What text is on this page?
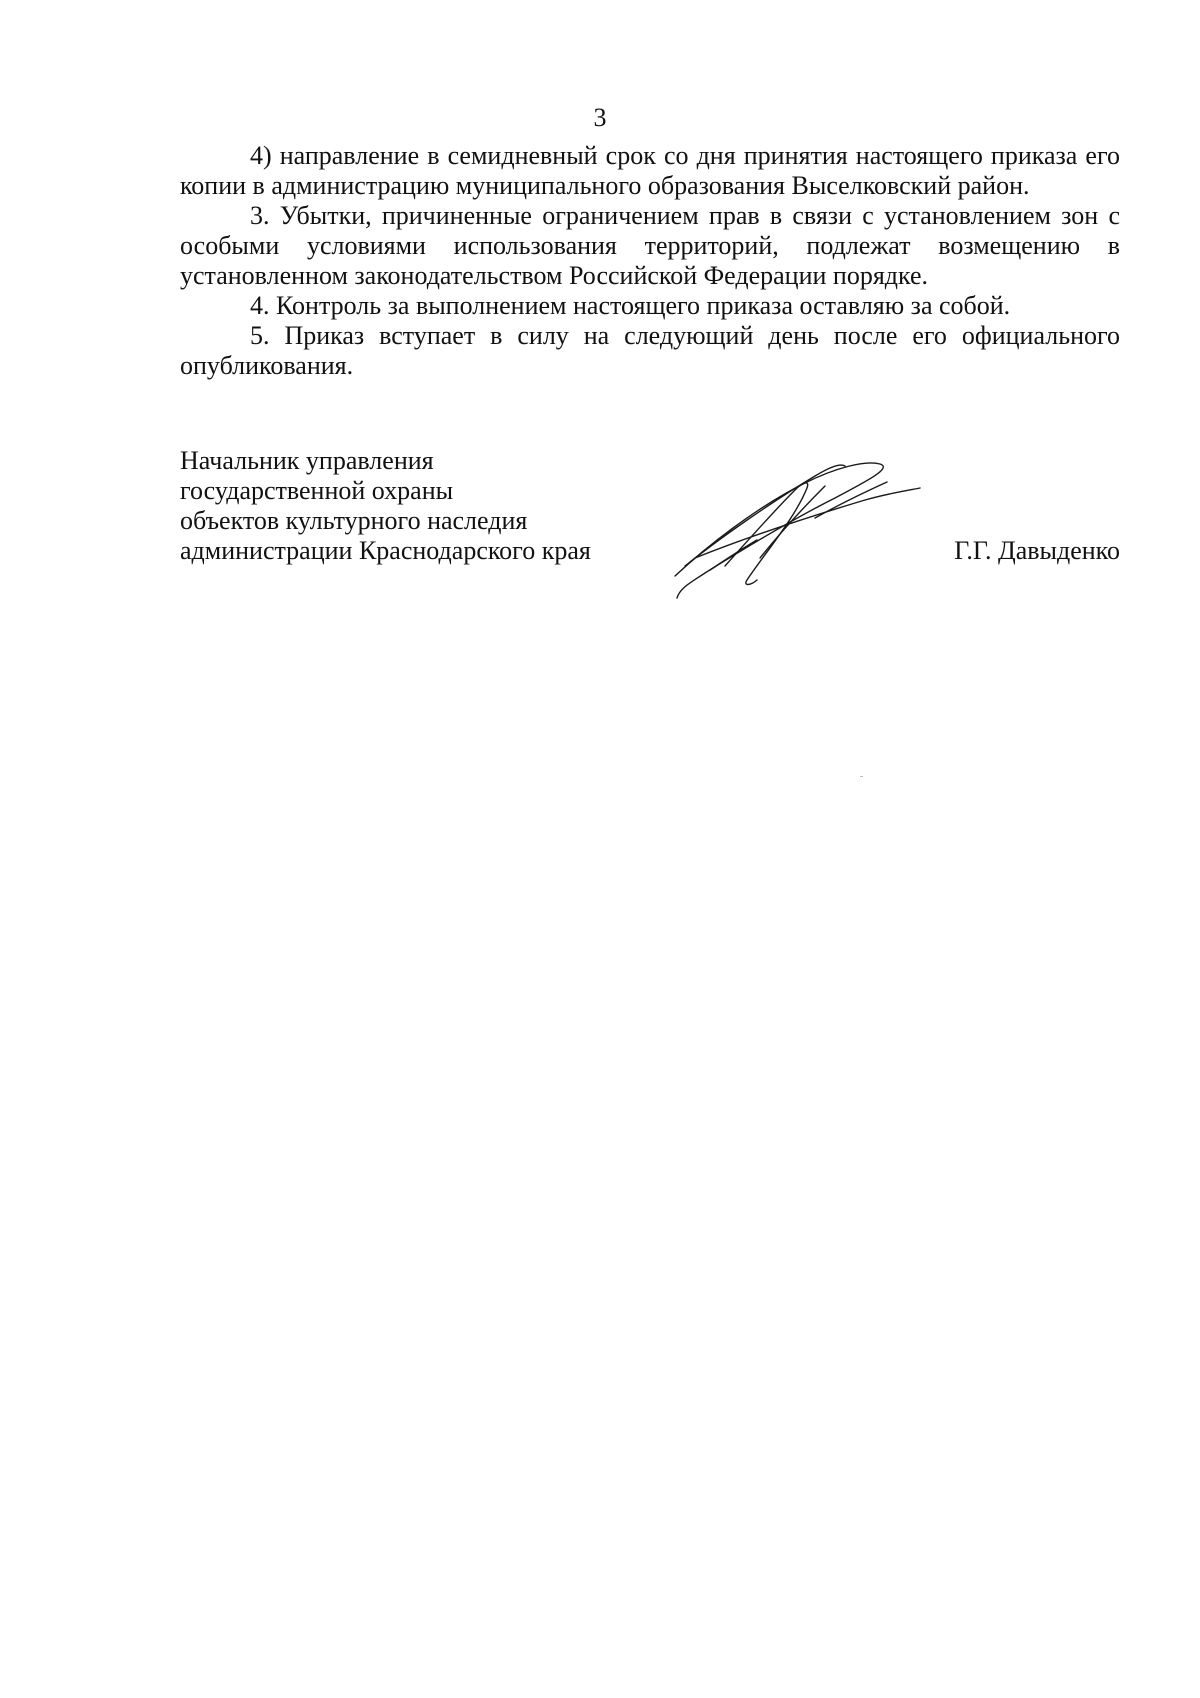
3

4) направление в семидневный срок со дня принятия настоящего приказа его копии в администрацию муниципального образования Выселковский район.

3. Убытки, причиненные ограничением прав в связи с установлением зон с особыми условиями использования территорий, подлежат возмещению в установленном законодательством Российской Федерации порядке.

4. Контроль за выполнением настоящего приказа оставляю за собой.

5. Приказ вступает в силу на следующий день после его официального опубликования.

Начальник управления
государственной охраны
объектов культурного наследия
администрации Краснодарского края	Г.Г. Давыденко
